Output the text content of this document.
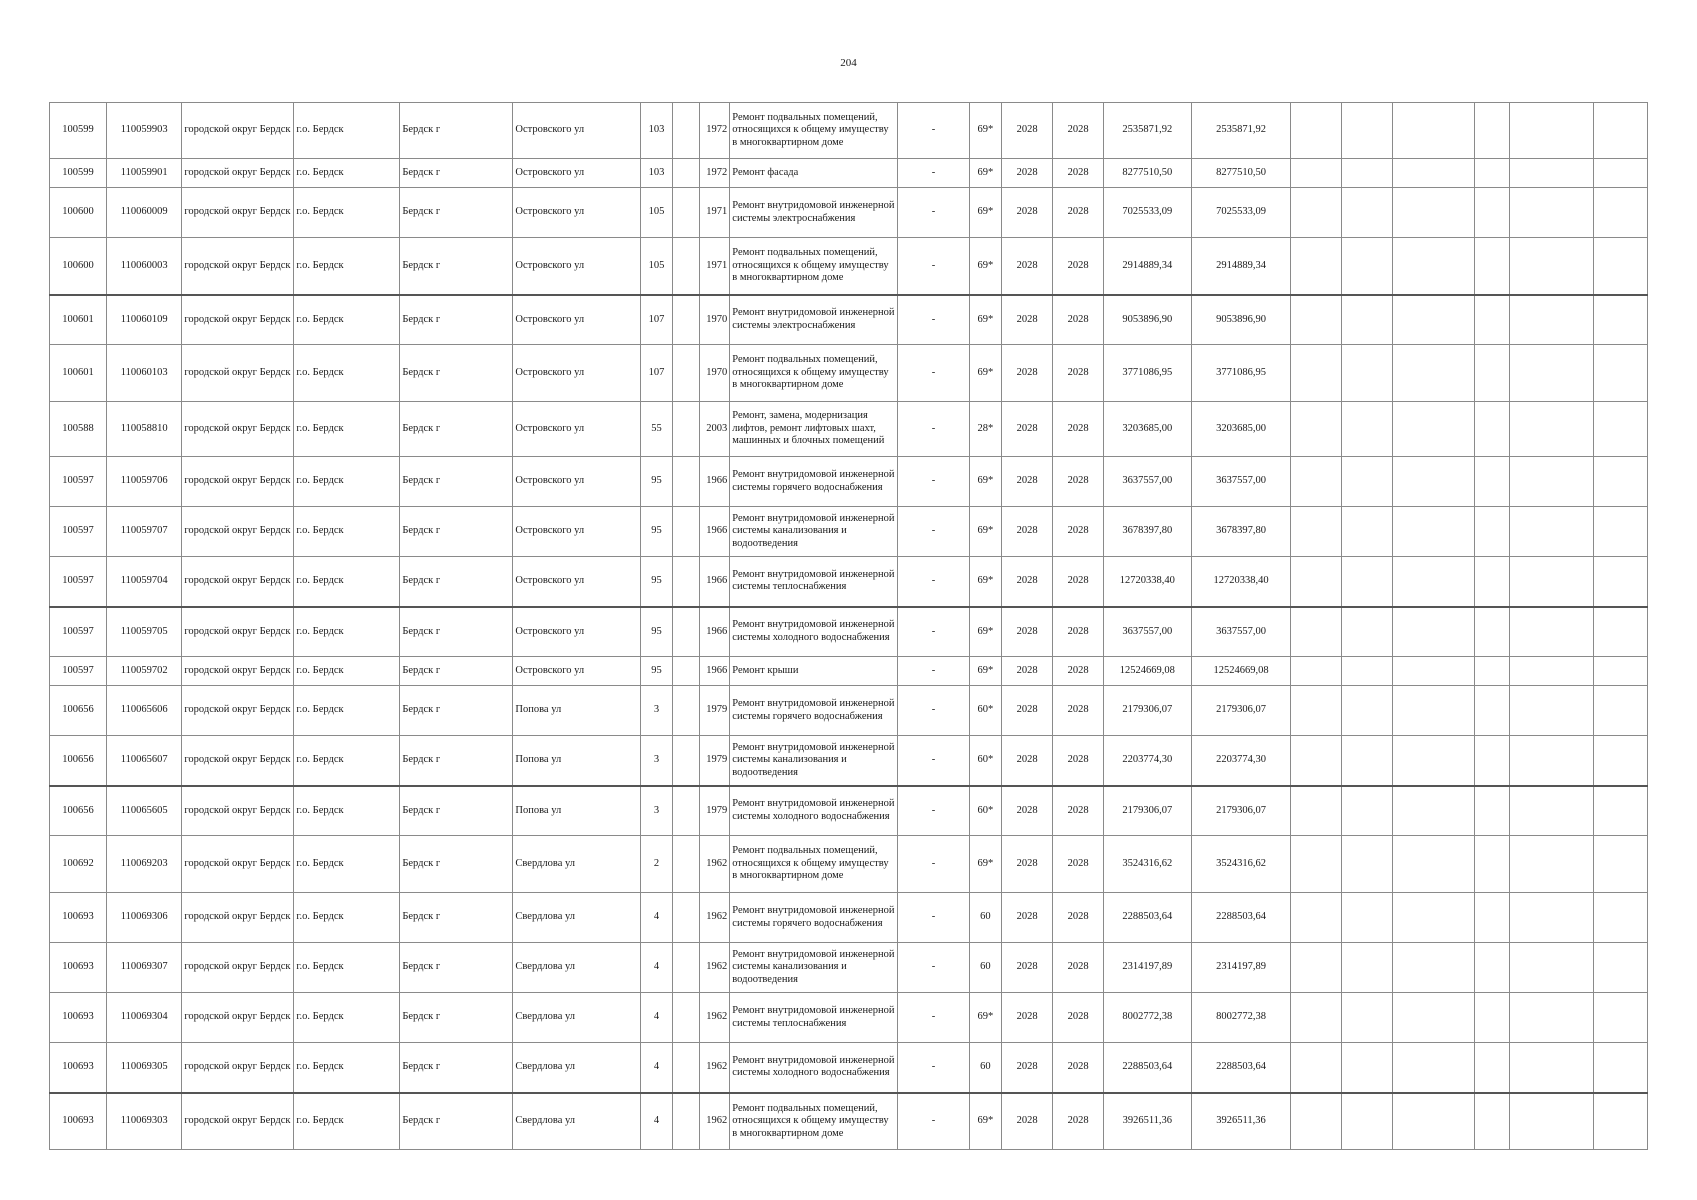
204
100599	110059903	городской округ Бердск	г.о. Бердск	Бердск г	Островского ул	103		1972	Ремонт подвальных помещений, относящихся к общему имуществу в многоквартирном доме	-	69*	2028	2028	2535871,92	2535871,92						
100599	110059901	городской округ Бердск	г.о. Бердск	Бердск г	Островского ул	103		1972	Ремонт фасада	-	69*	2028	2028	8277510,50	8277510,50						
100600	110060009	городской округ Бердск	г.о. Бердск	Бердск г	Островского ул	105		1971	Ремонт внутридомовой инженерной системы электроснабжения	-	69*	2028	2028	7025533,09	7025533,09						
100600	110060003	городской округ Бердск	г.о. Бердск	Бердск г	Островского ул	105		1971	Ремонт подвальных помещений, относящихся к общему имуществу в многоквартирном доме	-	69*	2028	2028	2914889,34	2914889,34						
100601	110060109	городской округ Бердск	г.о. Бердск	Бердск г	Островского ул	107		1970	Ремонт внутридомовой инженерной системы электроснабжения	-	69*	2028	2028	9053896,90	9053896,90						
100601	110060103	городской округ Бердск	г.о. Бердск	Бердск г	Островского ул	107		1970	Ремонт подвальных помещений, относящихся к общему имуществу в многоквартирном доме	-	69*	2028	2028	3771086,95	3771086,95						
100588	110058810	городской округ Бердск	г.о. Бердск	Бердск г	Островского ул	55		2003	Ремонт, замена, модернизация лифтов, ремонт лифтовых шахт, машинных и блочных помещений	-	28*	2028	2028	3203685,00	3203685,00						
100597	110059706	городской округ Бердск	г.о. Бердск	Бердск г	Островского ул	95		1966	Ремонт внутридомовой инженерной системы горячего водоснабжения	-	69*	2028	2028	3637557,00	3637557,00						
100597	110059707	городской округ Бердск	г.о. Бердск	Бердск г	Островского ул	95		1966	Ремонт внутридомовой инженерной системы канализования и водоотведения	-	69*	2028	2028	3678397,80	3678397,80						
100597	110059704	городской округ Бердск	г.о. Бердск	Бердск г	Островского ул	95		1966	Ремонт внутридомовой инженерной системы теплоснабжения	-	69*	2028	2028	12720338,40	12720338,40						
100597	110059705	городской округ Бердск	г.о. Бердск	Бердск г	Островского ул	95		1966	Ремонт внутридомовой инженерной системы холодного водоснабжения	-	69*	2028	2028	3637557,00	3637557,00						
100597	110059702	городской округ Бердск	г.о. Бердск	Бердск г	Островского ул	95		1966	Ремонт крыши	-	69*	2028	2028	12524669,08	12524669,08						
100656	110065606	городской округ Бердск	г.о. Бердск	Бердск г	Попова ул	3		1979	Ремонт внутридомовой инженерной системы горячего водоснабжения	-	60*	2028	2028	2179306,07	2179306,07						
100656	110065607	городской округ Бердск	г.о. Бердск	Бердск г	Попова ул	3		1979	Ремонт внутридомовой инженерной системы канализования и водоотведения	-	60*	2028	2028	2203774,30	2203774,30						
100656	110065605	городской округ Бердск	г.о. Бердск	Бердск г	Попова ул	3		1979	Ремонт внутридомовой инженерной системы холодного водоснабжения	-	60*	2028	2028	2179306,07	2179306,07						
100692	110069203	городской округ Бердск	г.о. Бердск	Бердск г	Свердлова ул	2		1962	Ремонт подвальных помещений, относящихся к общему имуществу в многоквартирном доме	-	69*	2028	2028	3524316,62	3524316,62						
100693	110069306	городской округ Бердск	г.о. Бердск	Бердск г	Свердлова ул	4		1962	Ремонт внутридомовой инженерной системы горячего водоснабжения	-	60	2028	2028	2288503,64	2288503,64						
100693	110069307	городской округ Бердск	г.о. Бердск	Бердск г	Свердлова ул	4		1962	Ремонт внутридомовой инженерной системы канализования и водоотведения	-	60	2028	2028	2314197,89	2314197,89						
100693	110069304	городской округ Бердск	г.о. Бердск	Бердск г	Свердлова ул	4		1962	Ремонт внутридомовой инженерной системы теплоснабжения	-	69*	2028	2028	8002772,38	8002772,38						
100693	110069305	городской округ Бердск	г.о. Бердск	Бердск г	Свердлова ул	4		1962	Ремонт внутридомовой инженерной системы холодного водоснабжения	-	60	2028	2028	2288503,64	2288503,64						
100693	110069303	городской округ Бердск	г.о. Бердск	Бердск г	Свердлова ул	4		1962	Ремонт подвальных помещений, относящихся к общему имуществу в многоквартирном доме	-	69*	2028	2028	3926511,36	3926511,36						
